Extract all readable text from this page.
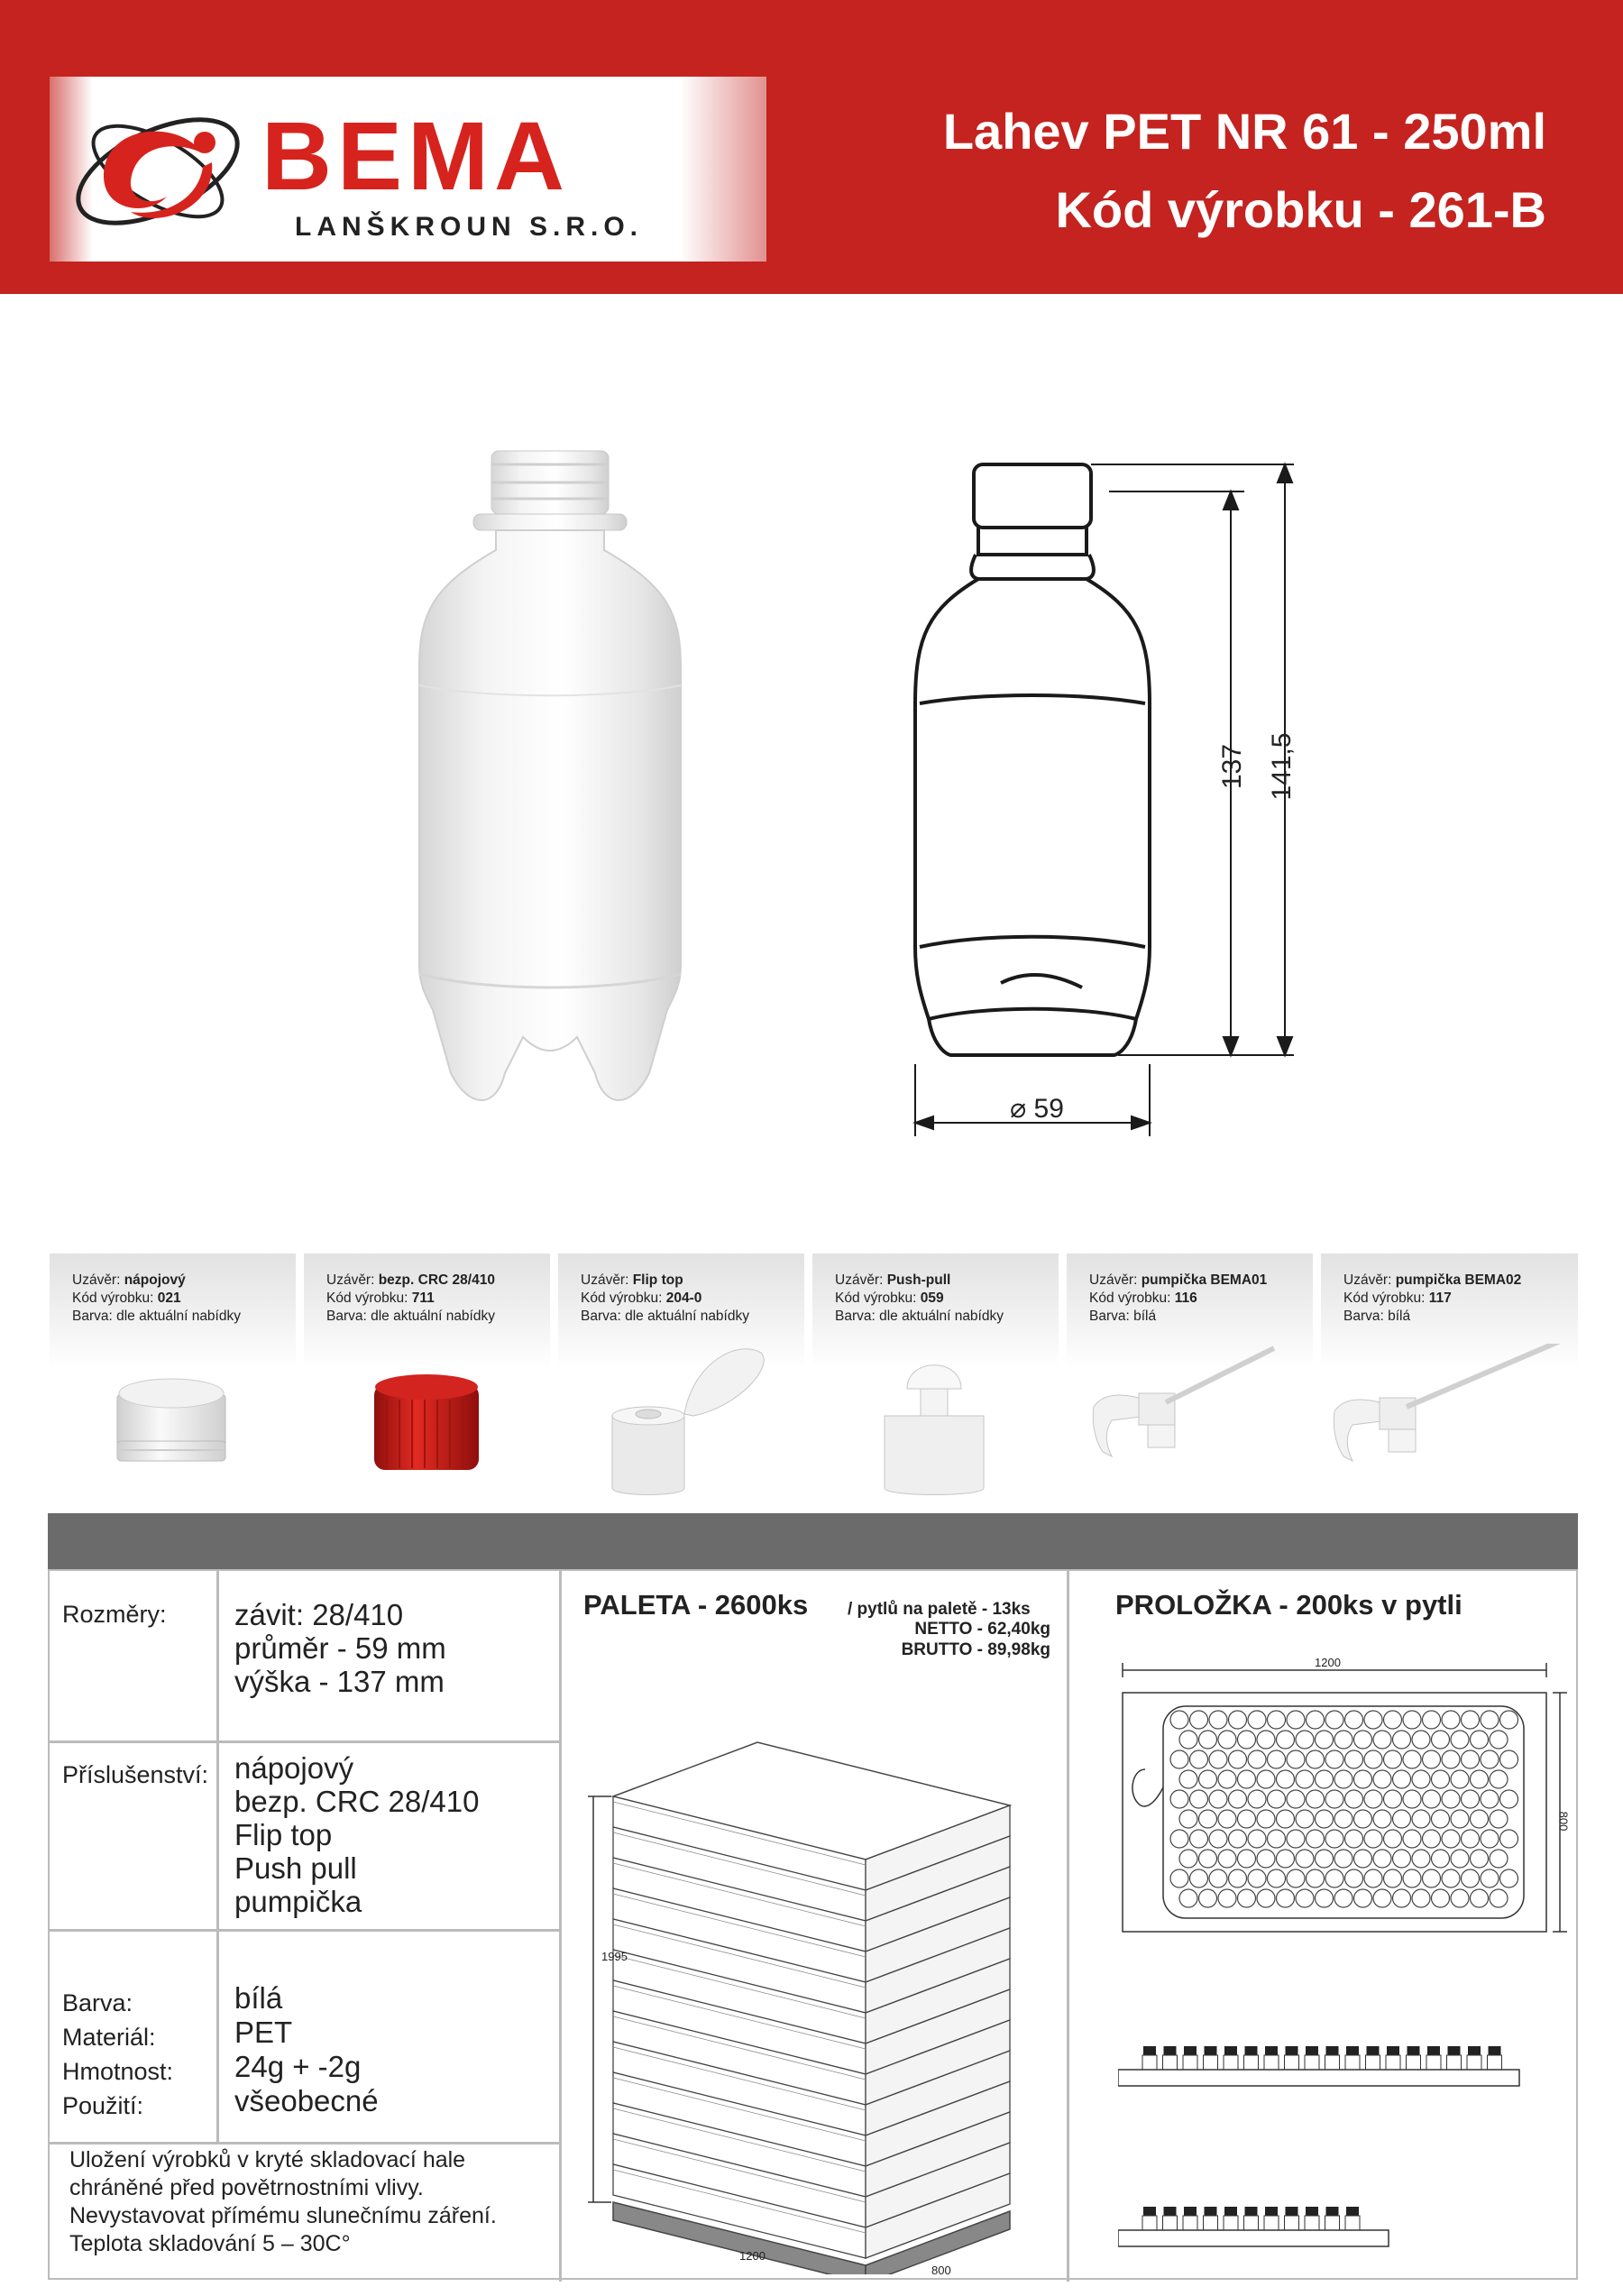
BEMA
LANŠKROUN S.R.O.
Lahev PET NR 61 - 250ml
Kód výrobku - 261-B
137 141,5
⌀ 59
Uzávěr: nápojový
Kód výrobku: 021
Barva: dle aktuální nabídky
Uzávěr: bezp. CRC 28/410
Kód výrobku: 711
Barva: dle aktuální nabídky
Uzávěr: Flip top
Kód výrobku: 204-0
Barva: dle aktuální nabídky
Uzávěr: Push-pull
Kód výrobku: 059
Barva: dle aktuální nabídky
Uzávěr: pumpička BEMA01
Kód výrobku: 116
Barva: bílá
Uzávěr: pumpička BEMA02
Kód výrobku: 117
Barva: bílá
Rozměry: závit: 28/410
průměr - 59 mm
výška - 137 mm
Příslušenství: nápojový
bezp. CRC 28/410
Flip top
Push pull
pumpička
Barva:
Materiál:
Hmotnost:
Použití:
bílá
PET
24g + -2g
všeobecné
Uložení výrobků v kryté skladovací hale
chráněné před povětrnostními vlivy.
Nevystavovat přímému slunečnímu záření.
Teplota skladování 5 – 30C°
PALETA - 2600ks / pytlů na paletě - 13ks
NETTO - 62,40kg
BRUTTO - 89,98kg
1995
1200
800
PROLOŽKA - 200ks v pytli
1200
800
